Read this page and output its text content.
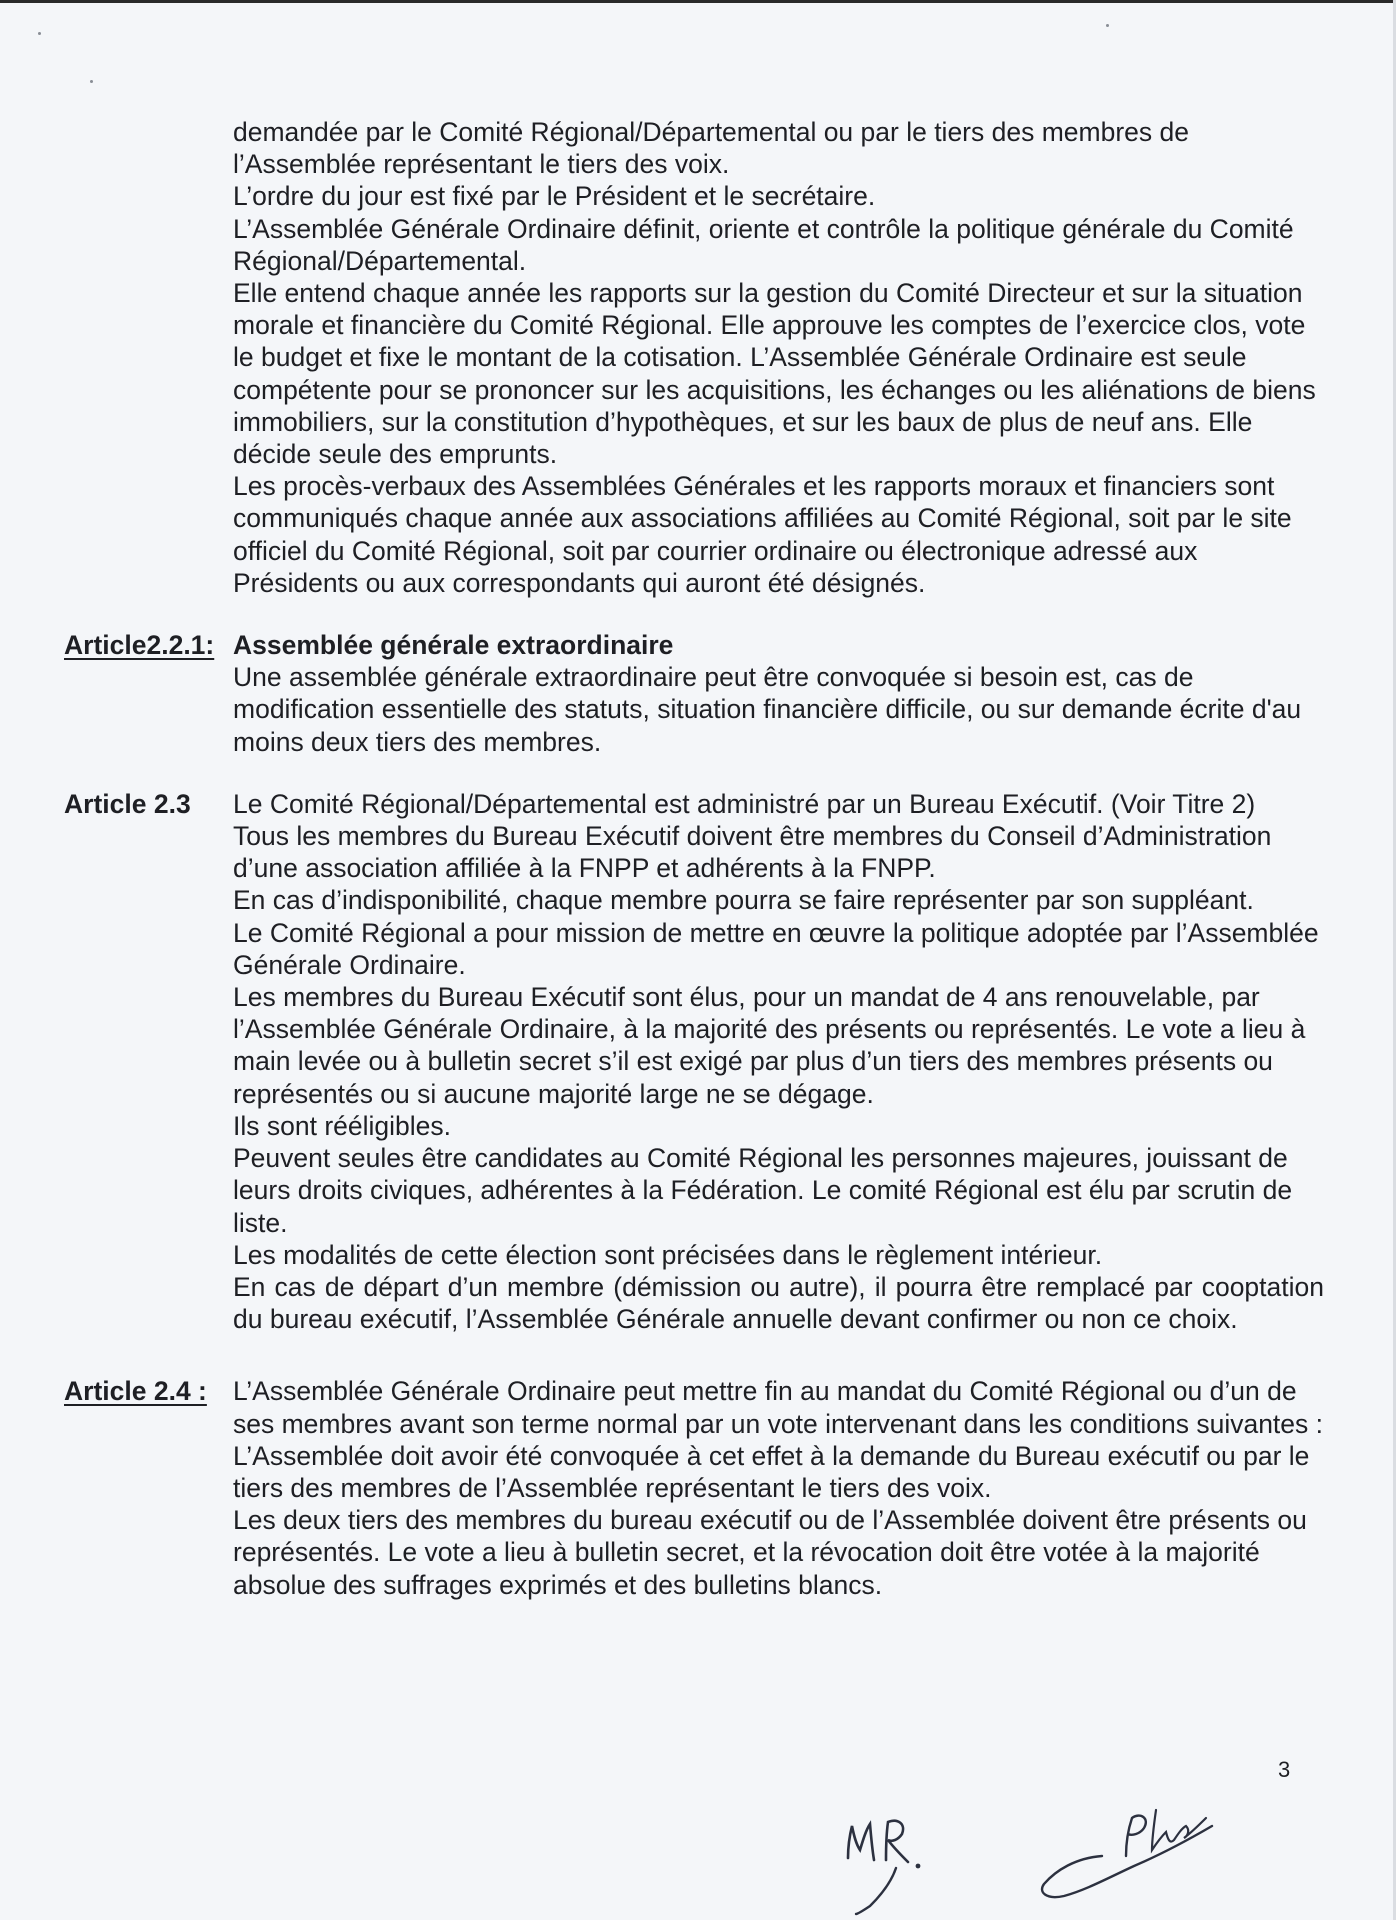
demandée par le Comité Régional/Départemental ou par le tiers des membres de l’Assemblée représentant le tiers des voix.

L’ordre du jour est fixé par le Président et le secrétaire.

L’Assemblée Générale Ordinaire définit, oriente et contrôle la politique générale du Comité Régional/Départemental.

Elle entend chaque année les rapports sur la gestion du Comité Directeur et sur la situation morale et financière du Comité Régional. Elle approuve les comptes de l’exercice clos, vote le budget et fixe le montant de la cotisation. L’Assemblée Générale Ordinaire est seule compétente pour se prononcer sur les acquisitions, les échanges ou les aliénations de biens immobiliers, sur la constitution d’hypothèques, et sur les baux de plus de neuf ans. Elle décide seule des emprunts.

Les procès-verbaux des Assemblées Générales et les rapports moraux et financiers sont communiqués chaque année aux associations affiliées au Comité Régional, soit par le site officiel du Comité Régional, soit par courrier ordinaire ou électronique adressé aux Présidents ou aux correspondants qui auront été désignés.

Article2.2.1: Assemblée générale extraordinaire

Une assemblée générale extraordinaire peut être convoquée si besoin est, cas de modification essentielle des statuts, situation financière difficile, ou sur demande écrite d'au moins deux tiers des membres.

Article 2.3 Le Comité Régional/Départemental est administré par un Bureau Exécutif. (Voir Titre 2)

Tous les membres du Bureau Exécutif doivent être membres du Conseil d’Administration d’une association affiliée à la FNPP et adhérents à la FNPP.

En cas d’indisponibilité, chaque membre pourra se faire représenter par son suppléant.

Le Comité Régional a pour mission de mettre en œuvre la politique adoptée par l’Assemblée Générale Ordinaire.

Les membres du Bureau Exécutif sont élus, pour un mandat de 4 ans renouvelable, par l’Assemblée Générale Ordinaire, à la majorité des présents ou représentés. Le vote a lieu à main levée ou à bulletin secret s’il est exigé par plus d’un tiers des membres présents ou représentés ou si aucune majorité large ne se dégage.

Ils sont rééligibles.

Peuvent seules être candidates au Comité Régional les personnes majeures, jouissant de leurs droits civiques, adhérentes à la Fédération. Le comité Régional est élu par scrutin de liste.

Les modalités de cette élection sont précisées dans le règlement intérieur.

En cas de départ d’un membre (démission ou autre), il pourra être remplacé par cooptation du bureau exécutif, l’Assemblée Générale annuelle devant confirmer ou non ce choix.

Article 2.4 : L’Assemblée Générale Ordinaire peut mettre fin au mandat du Comité Régional ou d’un de ses membres avant son terme normal par un vote intervenant dans les conditions suivantes :

L’Assemblée doit avoir été convoquée à cet effet à la demande du Bureau exécutif ou par le tiers des membres de l’Assemblée représentant le tiers des voix.

Les deux tiers des membres du bureau exécutif ou de l’Assemblée doivent être présents ou représentés. Le vote a lieu à bulletin secret, et la révocation doit être votée à la majorité absolue des suffrages exprimés et des bulletins blancs.

3
